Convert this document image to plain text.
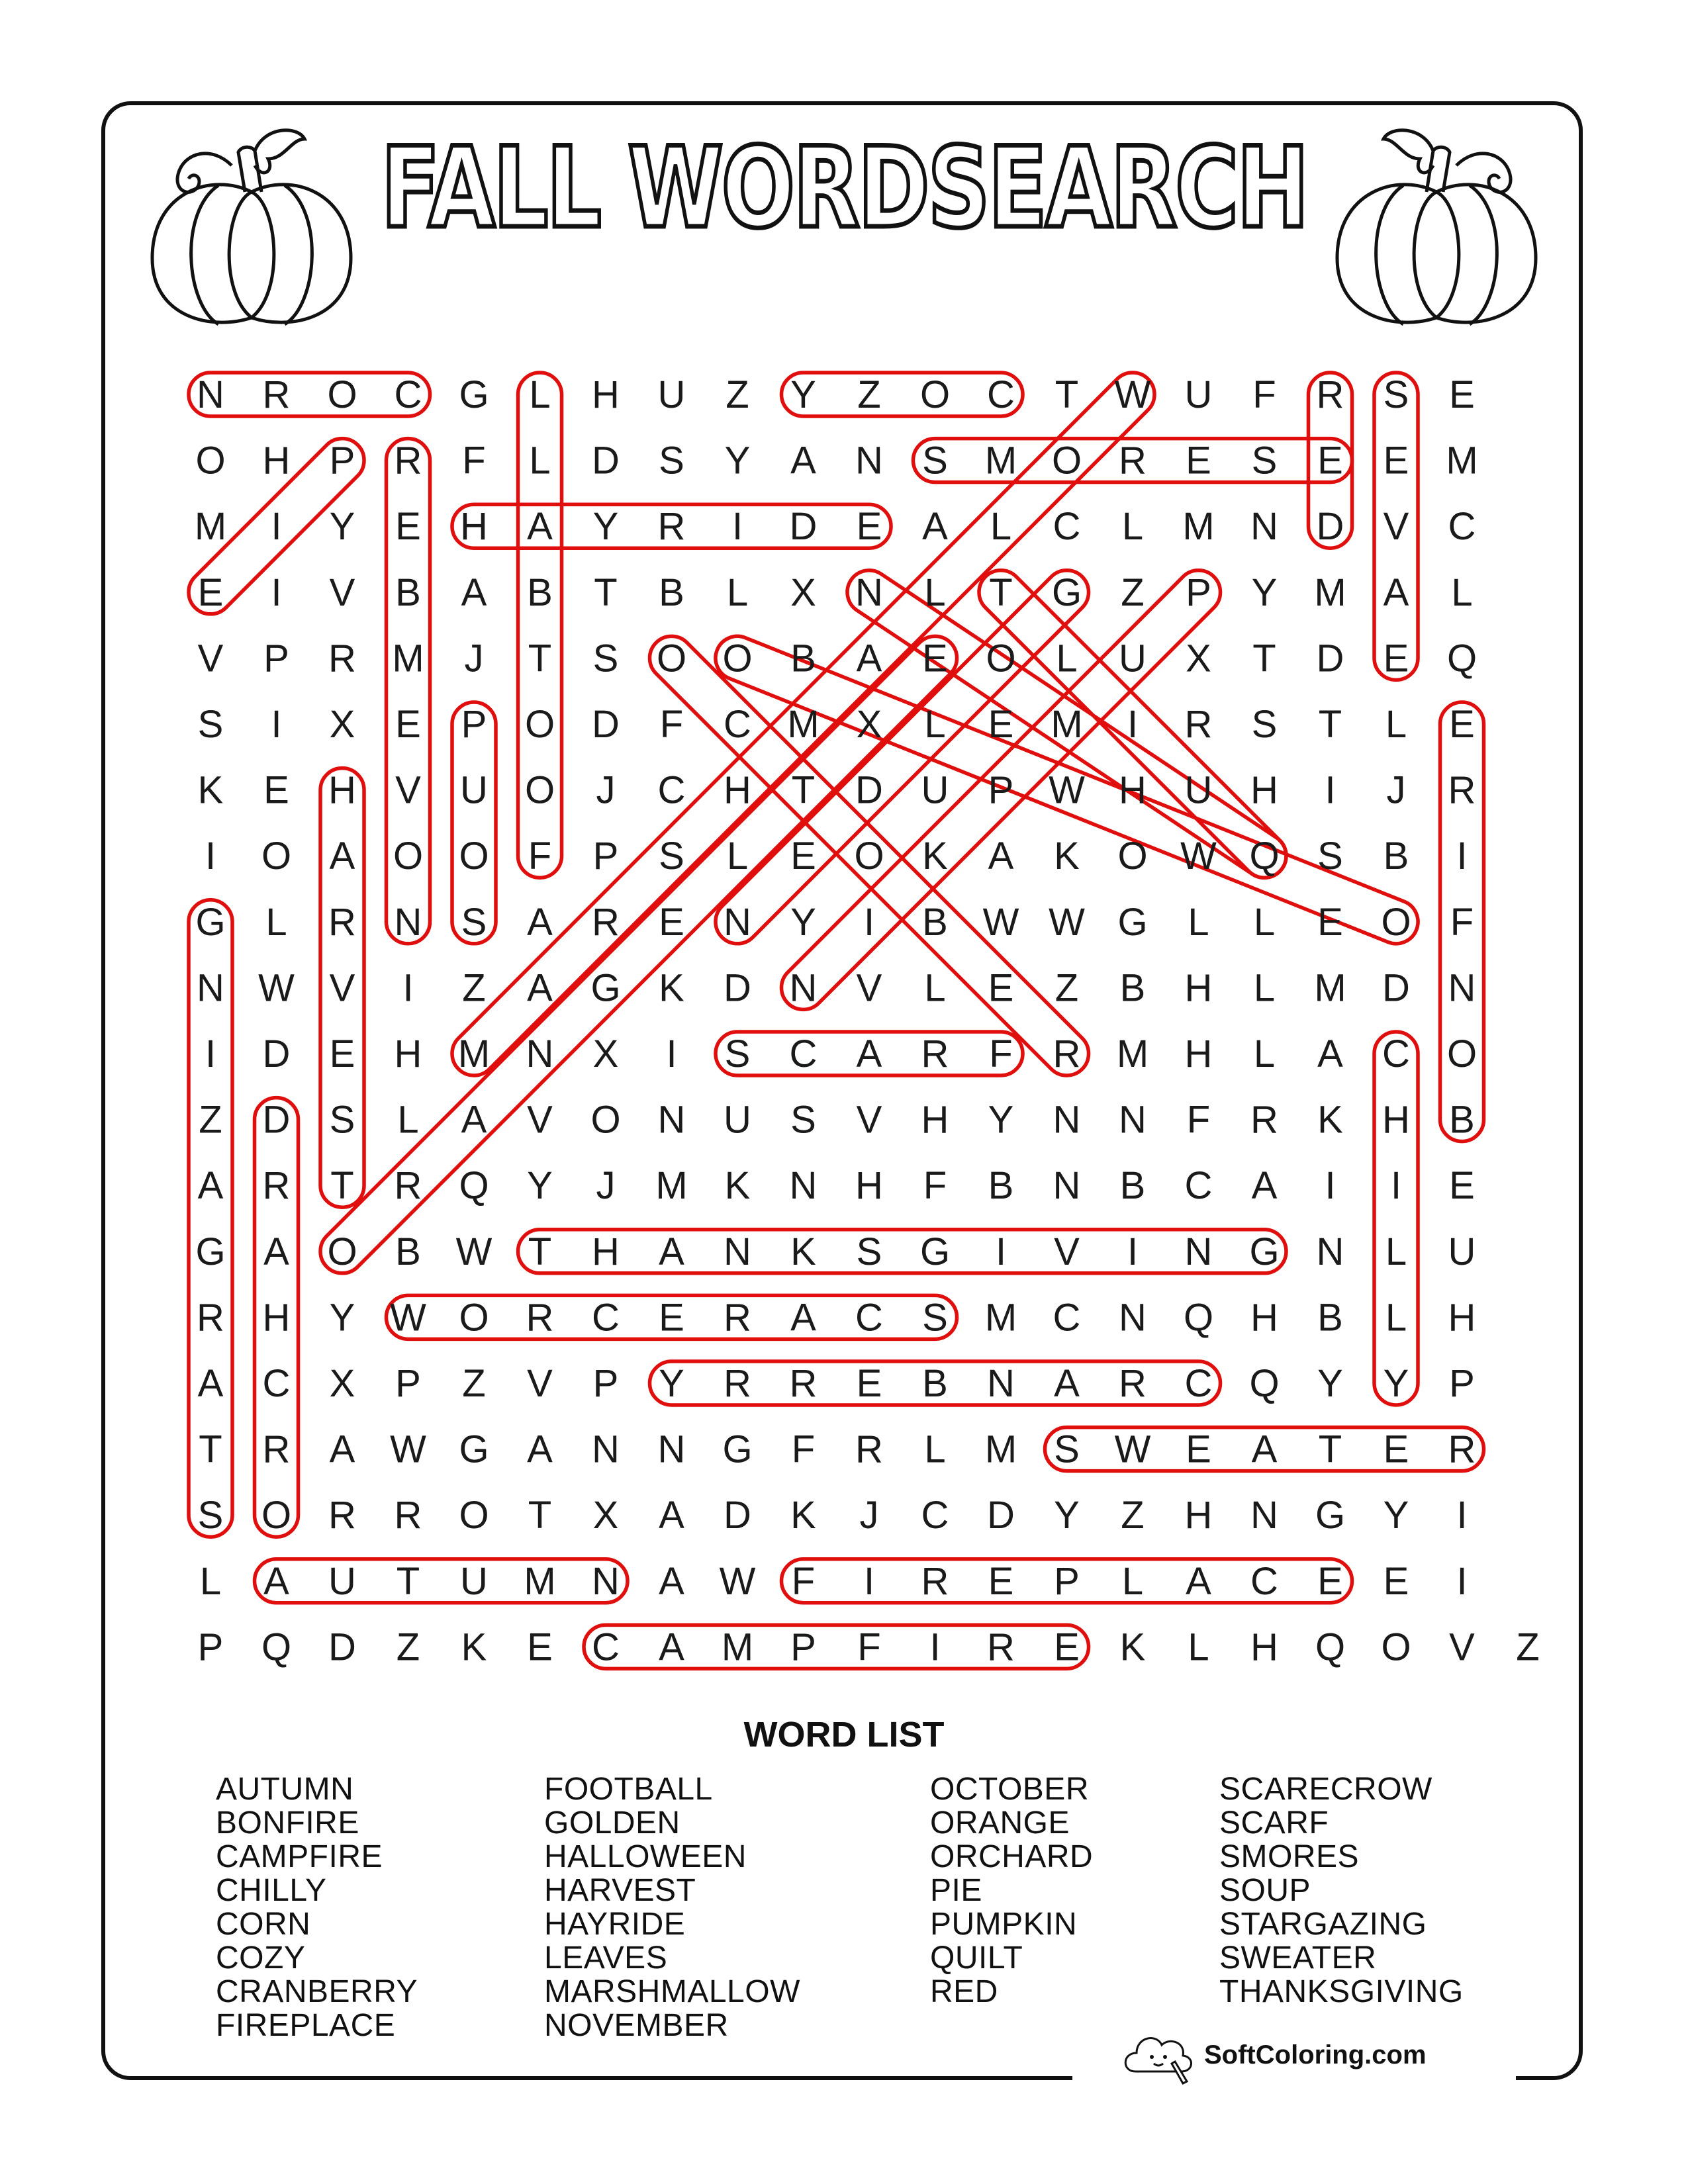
FALL WORDSEARCH
N R O C G L H U Z Y Z O C T W U F R S E
O H P R F L D S Y A N S M O R E S E E M
M I Y E H A Y R I D E A L C L M N D V C
E I V B A B T B L X N L T G Z P Y M A L
V P R M J T S O O B A E O L U X T D E Q
S I X E P O D F C M X L E M I R S T L E
K E H V U O J C H T D U P W H U H I J R
I O A O O F P S L E O K A K O W Q S B I
G L R N S A R E N Y I B W W G L L E O F
N W V I Z A G K D N V L E Z B H L M D N
I D E H M N X I S C A R F R M H L A C O
Z D S L A V O N U S V H Y N N F R K H B
A R T R Q Y J M K N H F B N B C A I I E
G A O B W T H A N K S G I V I N G N L U
R H Y W O R C E R A C S M C N Q H B L H
A C X P Z V P Y R R E B N A R C Q Y Y P
T R A W G A N N G F R L M S W E A T E R
S O R R O T X A D K J C D Y Z H N G Y I
L A U T U M N A W F I R E P L A C E E I
P Q D Z K E C A M P F I R E K L H Q O V Z
WORD LIST
AUTUMN
BONFIRE
CAMPFIRE
CHILLY
CORN
COZY
CRANBERRY
FIREPLACE
FOOTBALL
GOLDEN
HALLOWEEN
HARVEST
HAYRIDE
LEAVES
MARSHMALLOW
NOVEMBER
OCTOBER
ORANGE
ORCHARD
PIE
PUMPKIN
QUILT
RED
SCARECROW
SCARF
SMORES
SOUP
STARGAZING
SWEATER
THANKSGIVING
SoftColoring.com
